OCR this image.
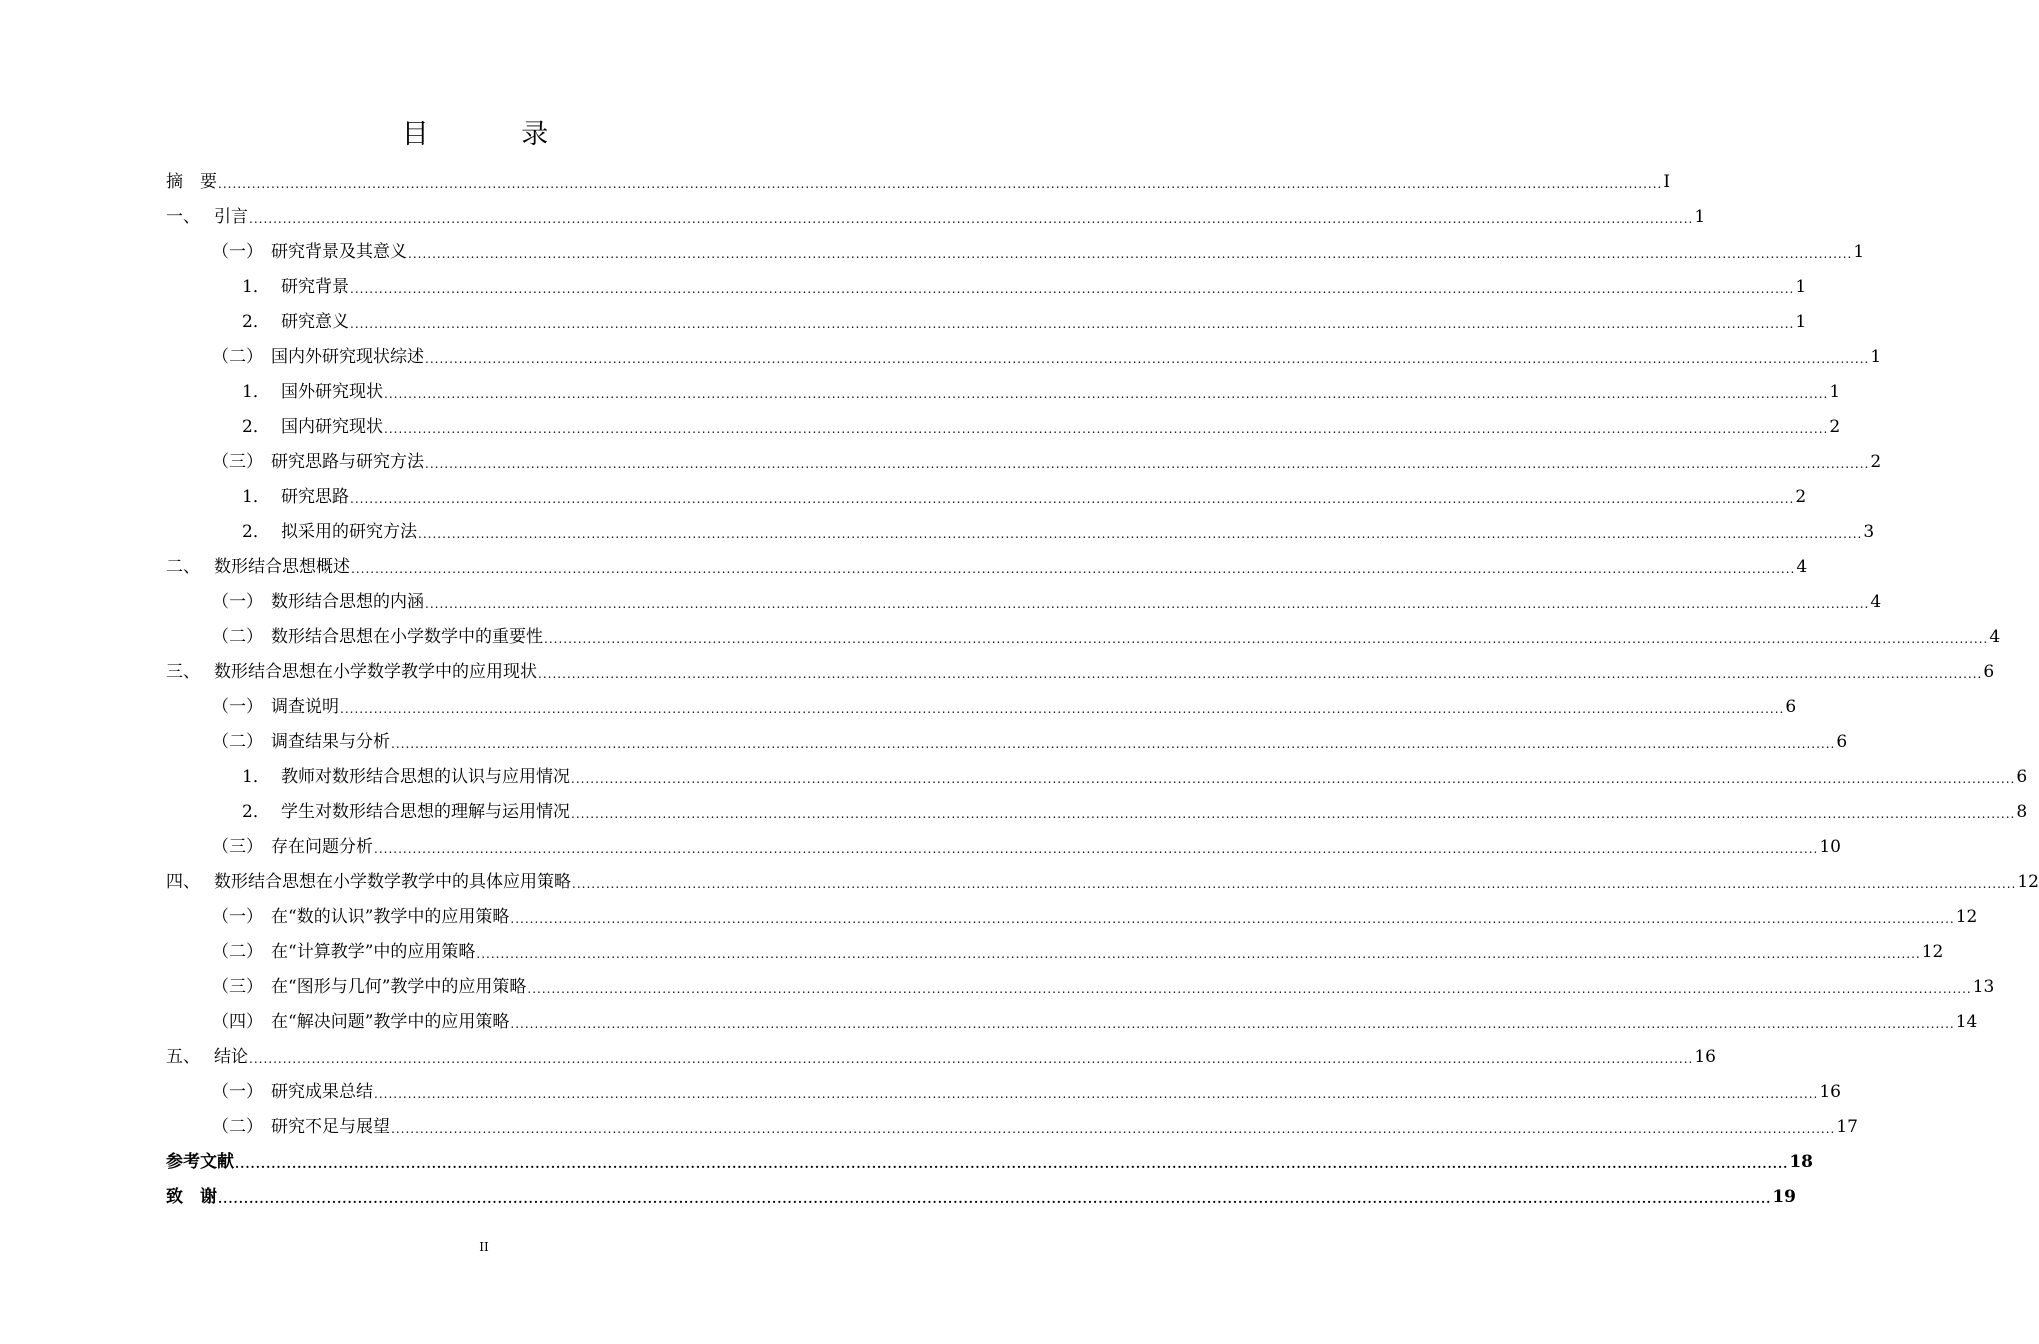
目 录
摘　要 ............................................................................................................................................................................................................................................................................................................ I
一、 引言 ............................................................................................................................................................................................................................................................................................................ 1
（一） 研究背景及其意义 ............................................................................................................................................................................................................................................................................................................ 1
1． 研究背景 ............................................................................................................................................................................................................................................................................................................ 1
2． 研究意义 ............................................................................................................................................................................................................................................................................................................ 1
（二） 国内外研究现状综述 ............................................................................................................................................................................................................................................................................................................ 1
1． 国外研究现状 ............................................................................................................................................................................................................................................................................................................ 1
2． 国内研究现状 ............................................................................................................................................................................................................................................................................................................ 2
（三） 研究思路与研究方法 ............................................................................................................................................................................................................................................................................................................ 2
1． 研究思路 ............................................................................................................................................................................................................................................................................................................ 2
2． 拟采用的研究方法 ............................................................................................................................................................................................................................................................................................................ 3
二、 数形结合思想概述 ............................................................................................................................................................................................................................................................................................................ 4
（一） 数形结合思想的内涵 ............................................................................................................................................................................................................................................................................................................ 4
（二） 数形结合思想在小学数学中的重要性 ............................................................................................................................................................................................................................................................................................................ 4
三、 数形结合思想在小学数学教学中的应用现状 ............................................................................................................................................................................................................................................................................................................ 6
（一） 调查说明 ............................................................................................................................................................................................................................................................................................................ 6
（二） 调查结果与分析 ............................................................................................................................................................................................................................................................................................................ 6
1． 教师对数形结合思想的认识与应用情况 ............................................................................................................................................................................................................................................................................................................ 6
2． 学生对数形结合思想的理解与运用情况 ............................................................................................................................................................................................................................................................................................................ 8
（三） 存在问题分析 ............................................................................................................................................................................................................................................................................................................ 10
四、 数形结合思想在小学数学教学中的具体应用策略 ............................................................................................................................................................................................................................................................................................................ 12
（一） 在“数的认识”教学中的应用策略 ............................................................................................................................................................................................................................................................................................................ 12
（二） 在“计算教学”中的应用策略 ............................................................................................................................................................................................................................................................................................................ 12
（三） 在“图形与几何”教学中的应用策略 ............................................................................................................................................................................................................................................................................................................ 13
（四） 在“解决问题”教学中的应用策略 ............................................................................................................................................................................................................................................................................................................ 14
五、 结论 ............................................................................................................................................................................................................................................................................................................ 16
（一） 研究成果总结 ............................................................................................................................................................................................................................................................................................................ 16
（二） 研究不足与展望 ............................................................................................................................................................................................................................................................................................................ 17
参考文献 ............................................................................................................................................................................................................................................................................................................ 18
致　谢 ............................................................................................................................................................................................................................................................................................................ 19
II
